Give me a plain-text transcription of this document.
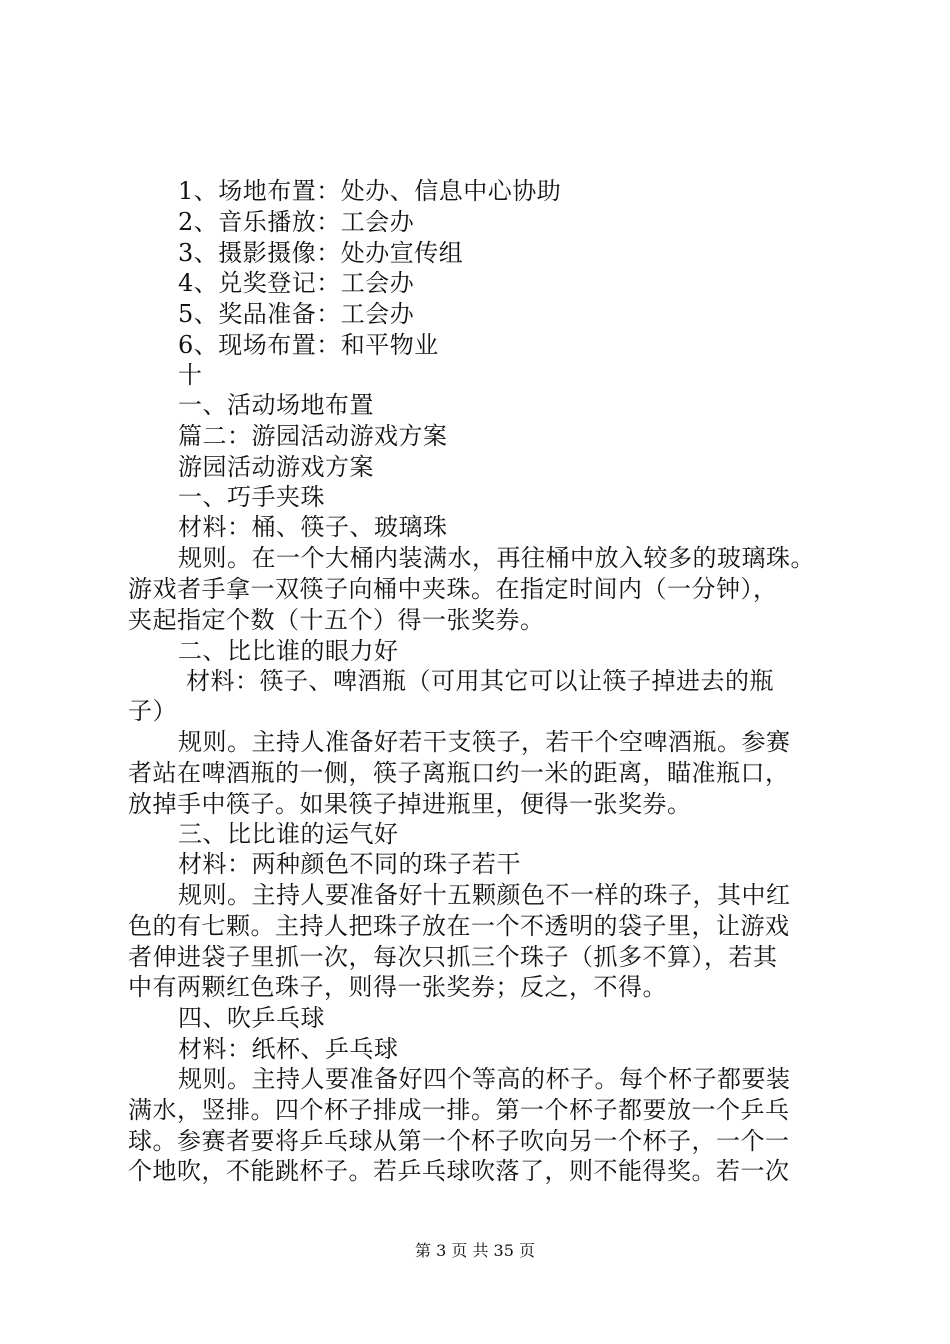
1、场地布置：处办、信息中心协助
2、音乐播放：工会办
3、摄影摄像：处办宣传组
4、兑奖登记：工会办
5、奖品准备：工会办
6、现场布置：和平物业
十
一、活动场地布置
篇二：游园活动游戏方案
游园活动游戏方案
一、巧手夹珠
材料：桶、筷子、玻璃珠
规则。在一个大桶内装满水，再往桶中放入较多的玻璃珠。
游戏者手拿一双筷子向桶中夹珠。在指定时间内（一分钟），
夹起指定个数（十五个）得一张奖券。
二、比比谁的眼力好
材料：筷子、啤酒瓶（可用其它可以让筷子掉进去的瓶
子）
规则。主持人准备好若干支筷子，若干个空啤酒瓶。参赛
者站在啤酒瓶的一侧，筷子离瓶口约一米的距离，瞄准瓶口，
放掉手中筷子。如果筷子掉进瓶里，便得一张奖券。
三、比比谁的运气好
材料：两种颜色不同的珠子若干
规则。主持人要准备好十五颗颜色不一样的珠子，其中红
色的有七颗。主持人把珠子放在一个不透明的袋子里，让游戏
者伸进袋子里抓一次，每次只抓三个珠子（抓多不算），若其
中有两颗红色珠子，则得一张奖券；反之，不得。
四、吹乒乓球
材料：纸杯、乒乓球
规则。主持人要准备好四个等高的杯子。每个杯子都要装
满水，竖排。四个杯子排成一排。第一个杯子都要放一个乒乓
球。参赛者要将乒乓球从第一个杯子吹向另一个杯子，一个一
个地吹，不能跳杯子。若乒乓球吹落了，则不能得奖。若一次
第 3 页 共 35 页
